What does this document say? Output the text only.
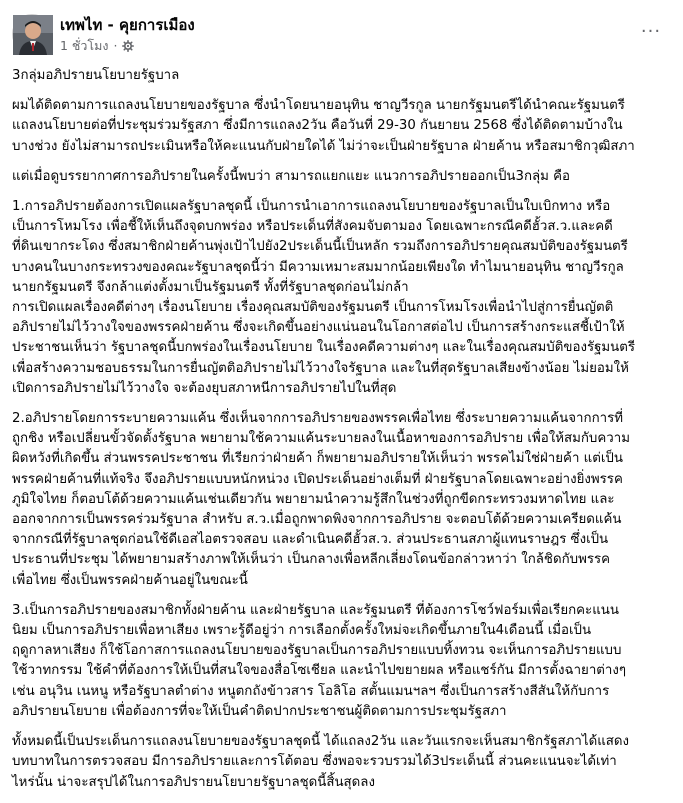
เทพไท - คุยการเมือง
1 ชั่วโมง ·
···

3กลุ่มอภิปรายนโยบายรัฐบาล

ผมได้ติดตามการแถลงนโยบายของรัฐบาล ซึ่งนำโดยนายอนุทิน ชาญวีรกูล นายกรัฐมนตรีได้นำคณะรัฐมนตรี
แถลงนโยบายต่อที่ประชุมร่วมรัฐสภา ซึ่งมีการแถลง2วัน คือวันที่ 29-30 กันยายน 2568 ซึ่งได้ติดตามบ้างใน
บางช่วง ยังไม่สามารถประเมินหรือให้คะแนนกับฝ่ายใดได้ ไม่ว่าจะเป็นฝ่ายรัฐบาล ฝ่ายค้าน หรือสมาชิกวุฒิสภา

แต่เมื่อดูบรรยากาศการอภิปรายในครั้งนี้พบว่า สามารถแยกแยะ แนวการอภิปรายออกเป็น3กลุ่ม คือ

1.การอภิปรายต้องการเปิดแผลรัฐบาลชุดนี้ เป็นการนำเอาการแถลงนโยบายของรัฐบาลเป็นใบเบิกทาง หรือ
เป็นการโหมโรง เพื่อชี้ให้เห็นถึงจุดบกพร่อง หรือประเด็นที่สังคมจับตามอง โดยเฉพาะกรณีคดีฮั้วส.ว.และคดี
ที่ดินเขากระโดง ซึ่งสมาชิกฝ่ายค้านพุ่งเป้าไปยัง2ประเด็นนี้เป็นหลัก รวมถึงการอภิปรายคุณสมบัติของรัฐมนตรี
บางคนในบางกระทรวงของคณะรัฐบาลชุดนี้ว่า มีความเหมาะสมมากน้อยเพียงใด ทำไมนายอนุทิน ชาญวีรกูล
นายกรัฐมนตรี จึงกล้าแต่งตั้งมาเป็นรัฐมนตรี ทั้งที่รัฐบาลชุดก่อนไม่กล้า
การเปิดแผลเรื่องคดีต่างๆ เรื่องนโยบาย เรื่องคุณสมบัติของรัฐมนตรี เป็นการโหมโรงเพื่อนำไปสู่การยื่นญัตติ
อภิปรายไม่ไว้วางใจของพรรคฝ่ายค้าน ซึ่งจะเกิดขึ้นอย่างแน่นอนในโอกาสต่อไป เป็นการสร้างกระแสชี้เป้าให้
ประชาชนเห็นว่า รัฐบาลชุดนี้บกพร่องในเรื่องนโยบาย ในเรื่องคดีความต่างๆ และในเรื่องคุณสมบัติของรัฐมนตรี
เพื่อสร้างความชอบธรรมในการยื่นญัตติอภิปรายไม่ไว้วางใจรัฐบาล และในที่สุดรัฐบาลเสียงข้างน้อย ไม่ยอมให้
เปิดการอภิปรายไม่ไว้วางใจ จะต้องยุบสภาหนีการอภิปรายไปในที่สุด

2.อภิปรายโดยการระบายความแค้น ซึ่งเห็นจากการอภิปรายของพรรคเพื่อไทย ซึ่งระบายความแค้นจากการที่
ถูกชิง หรือเปลี่ยนขั้วจัดตั้งรัฐบาล พยายามใช้ความแค้นระบายลงในเนื้อหาของการอภิปราย เพื่อให้สมกับความ
ผิดหวังที่เกิดขึ้น ส่วนพรรคประชาชน ที่เรียกว่าฝ่ายค้า ก็พยายามอภิปรายให้เห็นว่า พรรคไม่ใช่ฝ่ายค้า แต่เป็น
พรรคฝ่ายค้านที่แท้จริง จึงอภิปรายแบบหนักหน่วง เปิดประเด็นอย่างเต็มที่ ฝ่ายรัฐบาลโดยเฉพาะอย่างยิ่งพรรค
ภูมิใจไทย ก็ตอบโต้ด้วยความแค้นเช่นเดียวกัน พยายามนำความรู้สึกในช่วงที่ถูกขีดกระทรวงมหาดไทย และ
ออกจากการเป็นพรรคร่วมรัฐบาล สำหรับ ส.ว.เมื่อถูกพาดพิงจากการอภิปราย จะตอบโต้ด้วยความเครียดแค้น
จากกรณีที่รัฐบาลชุดก่อนใช้ดีเอสไอตรวจสอบ และดำเนินคดีฮั้วส.ว. ส่วนประธานสภาผู้แทนราษฎร ซึ่งเป็น
ประธานที่ประชุม ได้พยายามสร้างภาพให้เห็นว่า เป็นกลางเพื่อหลีกเลี่ยงโดนข้อกล่าวหาว่า ใกล้ชิดกับพรรค
เพื่อไทย ซึ่งเป็นพรรคฝ่ายค้านอยู่ในขณะนี้

3.เป็นการอภิปรายของสมาชิกทั้งฝ่ายค้าน และฝ่ายรัฐบาล และรัฐมนตรี ที่ต้องการโชว์ฟอร์มเพื่อเรียกคะแนน
นิยม เป็นการอภิปรายเพื่อหาเสียง เพราะรู้ดีอยู่ว่า การเลือกตั้งครั้งใหม่จะเกิดขึ้นภายใน4เดือนนี้ เมื่อเป็น
ฤดูกาลหาเสียง ก็ใช้โอกาสการแถลงนโยบายของรัฐบาลเป็นการอภิปรายแบบทิ้งทวน จะเห็นการอภิปรายแบบ
ใช้วาทกรรม ใช้คำที่ต้องการให้เป็นที่สนใจของสื่อโซเชียล และนำไปขยายผล หรือแชร์กัน มีการตั้งฉายาต่างๆ
เช่น อนุวิน เนหนู หรือรัฐบาลตำต่าง หนูตกถังข้าวสาร โอลิโอ สตั้นแมนฯลฯ ซึ่งเป็นการสร้างสีสันให้กับการ
อภิปรายนโยบาย เพื่อต้องการที่จะให้เป็นคำติดปากประชาชนผู้ติดตามการประชุมรัฐสภา

ทั้งหมดนี้เป็นประเด็นการแถลงนโยบายของรัฐบาลชุดนี้ ได้แถลง2วัน และวันแรกจะเห็นสมาชิกรัฐสภาได้แสดง
บทบาทในการตรวจสอบ มีการอภิปรายและการโต้ตอบ ซึ่งพอจะรวบรวมได้3ประเด็นนี้ ส่วนคะแนนจะได้เท่า
ไหร่นั้น น่าจะสรุปได้ในการอภิปรายนโยบายรัฐบาลชุดนี้สิ้นสุดลง
